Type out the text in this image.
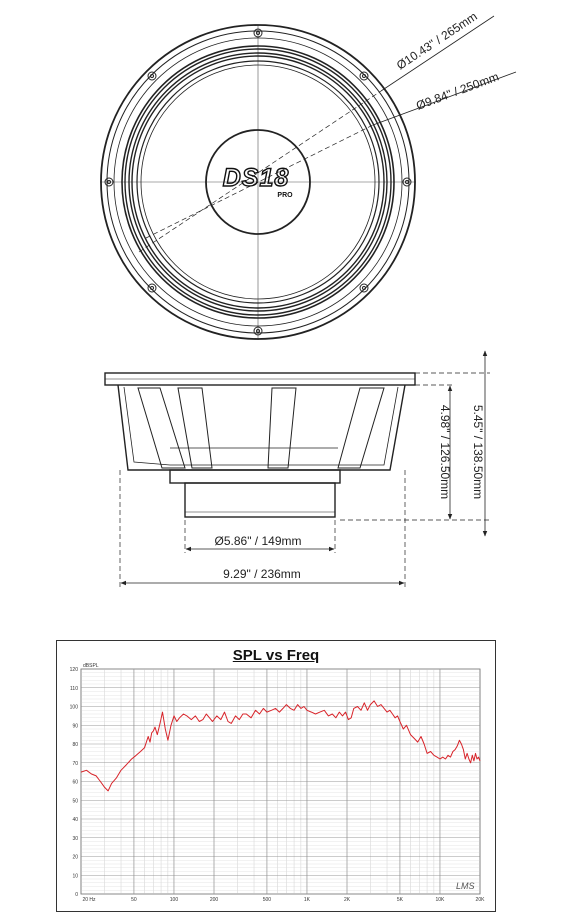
DS18
PRO
Ø10.43" / 265mm
Ø9.84" / 250mm
Ø5.86" / 149mm
9.29" / 236mm
4.98" / 126.50mm 5.45" / 138.50mm
0
10
20
30
40
50
60
70
80
90
100
110
120
20 Hz	50	100	200	500	1K	2K	5K	10K	20K
dBSPL
LMS
SPL vs Freq
